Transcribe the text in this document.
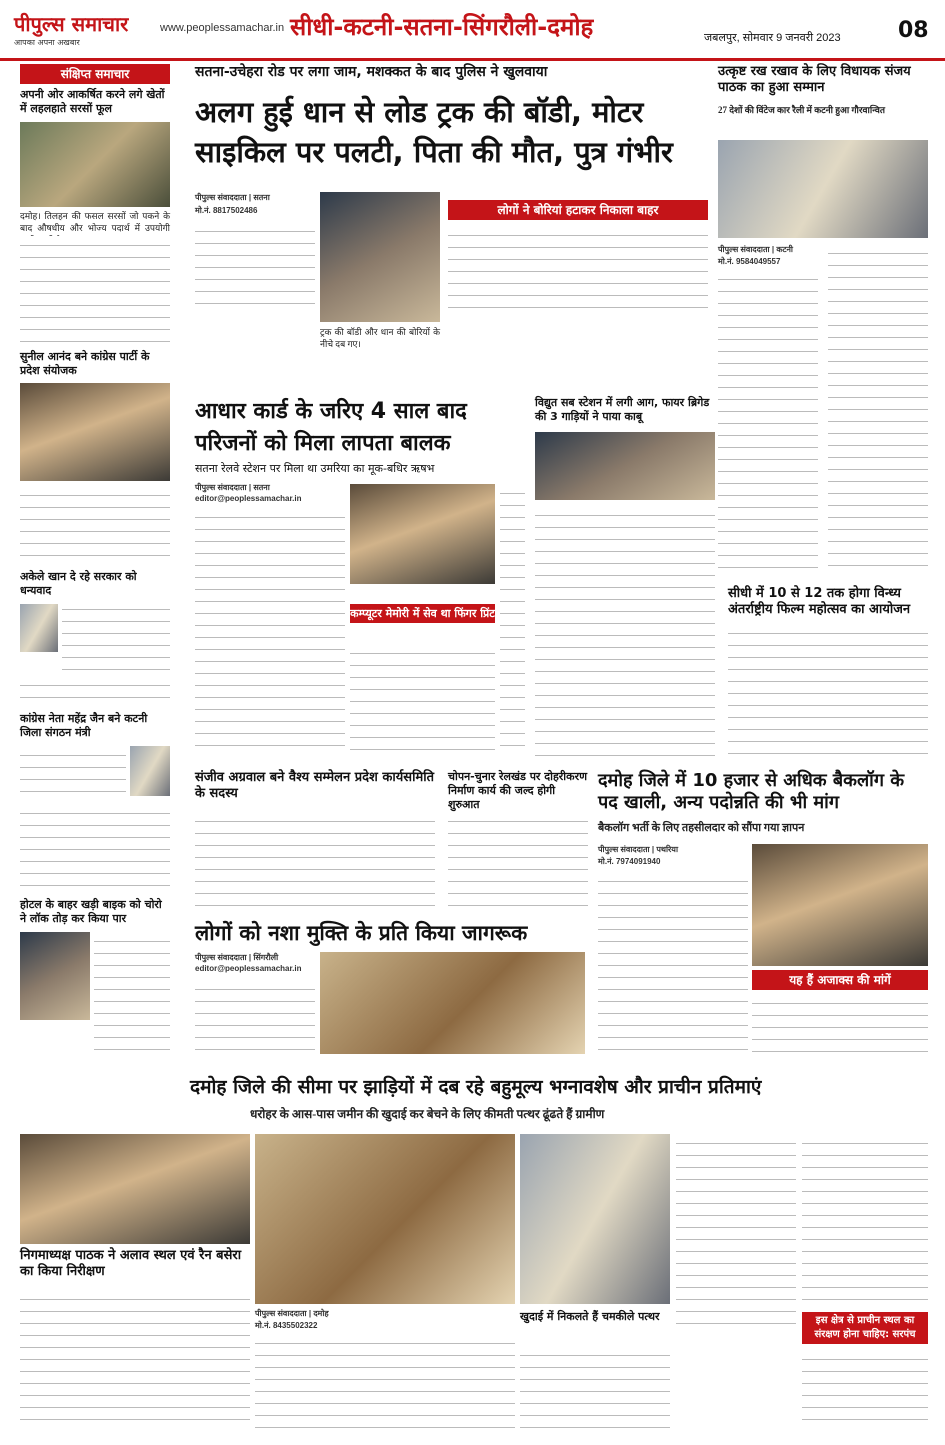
पीपुल्स समाचार
आपका अपना अखबार
www.peoplessamachar.in सीधी-कटनी-सतना-सिंगरौली-दमोह	जबलपुर, सोमवार 9 जनवरी 2023	08
संक्षिप्त समाचार
अपनी ओर आकर्षित करने लगे खेतों में लहलहाते सरसों फूल
दमोह। तिलहन की फसल सरसों जो पकने के बाद औषधीय और भोज्य पदार्थ में उपयोगी
सुनील आनंद बने कांग्रेस पार्टी के प्रदेश संयोजक
अकेले खान दे रहे सरकार को धन्यवाद
कांग्रेस नेता महेंद्र जैन बने कटनी जिला संगठन मंत्री
होटल के बाहर खड़ी बाइक को चोरो ने लॉक तोड़ कर किया पार
सतना-उचेहरा रोड पर लगा जाम, मशक्कत के बाद पुलिस ने खुलवाया
अलग हुई धान से लोड ट्रक की बॉडी, मोटर साइकिल पर पलटी, पिता की मौत, पुत्र गंभीर
पीपुल्स संवाददाता | सतना
मो.नं. 8817502486
ट्रक की बॉडी और धान की बोरियों के नीचे दब गए।
लोगों ने बोरियां हटाकर निकाला बाहर
उत्कृष्ट रख रखाव के लिए विधायक संजय पाठक का हुआ सम्मान
27 देशों की विंटेज कार रैली में कटनी हुआ गौरवान्वित
पीपुल्स संवाददाता | कटनी
मो.नं. 9584049557
आधार कार्ड के जरिए 4 साल बाद परिजनों को मिला लापता बालक
सतना रेलवे स्टेशन पर मिला था उमरिया का मूक-बधिर ऋषभ
पीपुल्स संवाददाता | सतना
editor@peoplessamachar.in
कम्प्यूटर मेमोरी में सेव था फिंगर प्रिंट
विद्युत सब स्टेशन में लगी आग, फायर ब्रिगेड की 3 गाड़ियों ने पाया काबू
सीधी में 10 से 12 तक होगा विन्ध्य अंतर्राष्ट्रीय फिल्म महोत्सव का आयोजन
संजीव अग्रवाल बने वैश्य सम्मेलन प्रदेश कार्यसमिति के सदस्य
चोपन-चुनार रेलखंड पर दोहरीकरण निर्माण कार्य की जल्द होगी शुरुआत
दमोह जिले में 10 हजार से अधिक बैकलॉग के पद खाली, अन्य पदोन्नति की भी मांग
बैकलॉग भर्ती के लिए तहसीलदार को सौंपा गया ज्ञापन
पीपुल्स संवाददाता | पथरिया
मो.नं. 7974091940
यह हैं अजाक्स की मांगें
लोगों को नशा मुक्ति के प्रति किया जागरूक
पीपुल्स संवाददाता | सिंगरौली
editor@peoplessamachar.in
दमोह जिले की सीमा पर झाड़ियों में दब रहे बहुमूल्य भग्नावशेष और प्राचीन प्रतिमाएं
धरोहर के आस-पास जमीन की खुदाई कर बेचने के लिए कीमती पत्थर ढूंढते हैं ग्रामीण
पीपुल्स संवाददाता | दमोह
मो.नं. 8435502322
खुदाई में निकलते हैं चमकीले पत्थर	इस क्षेत्र से प्राचीन स्थल का संरक्षण होना चाहिए: सरपंच
निगमाध्यक्ष पाठक ने अलाव स्थल एवं रैन बसेरा का किया निरीक्षण
